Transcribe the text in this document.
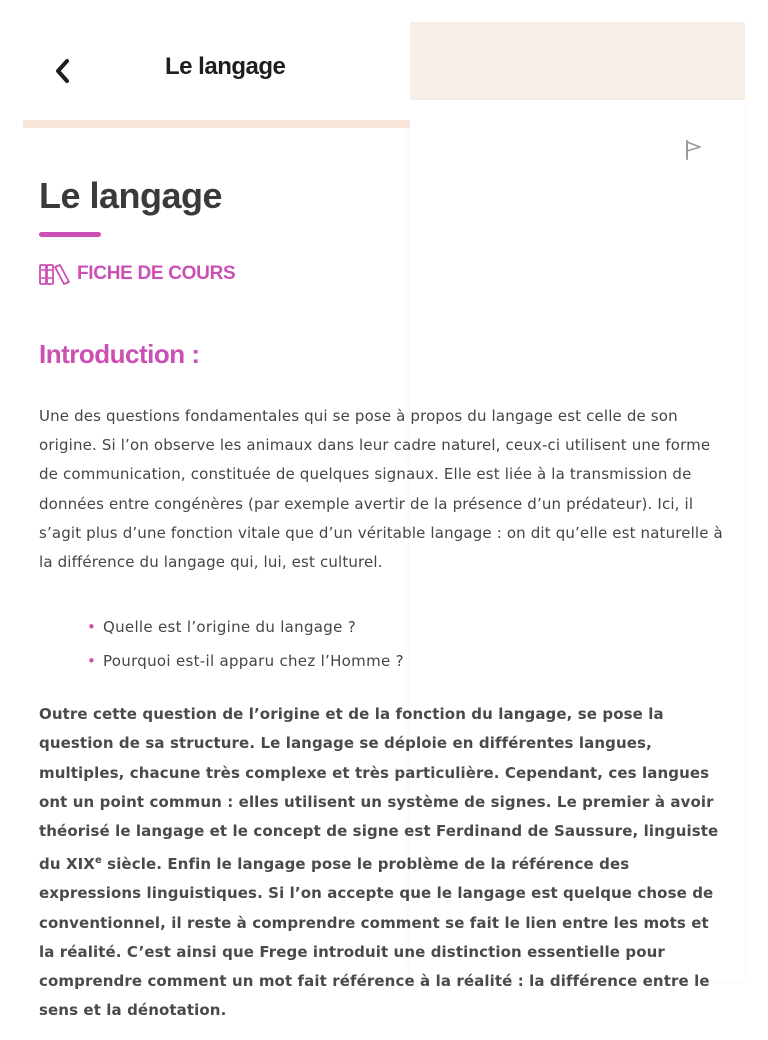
Le langage
Le langage
FICHE DE COURS
Introduction :

Une des questions fondamentales qui se pose à propos du langage est celle de son origine. Si l’on observe les animaux dans leur cadre naturel, ceux-ci utilisent une forme de communication, constituée de quelques signaux. Elle est liée à la transmission de données entre congénères (par exemple avertir de la présence d’un prédateur). Ici, il s’agit plus d’une fonction vitale que d’un véritable langage : on dit qu’elle est naturelle à la différence du langage qui, lui, est culturel.

• Quelle est l’origine du langage ?
• Pourquoi est-il apparu chez l’Homme ?

Outre cette question de l’origine et de la fonction du langage, se pose la question de sa structure. Le langage se déploie en différentes langues, multiples, chacune très complexe et très particulière. Cependant, ces langues ont un point commun : elles utilisent un système de signes. Le premier à avoir théorisé le langage et le concept de signe est Ferdinand de Saussure, linguiste du XIXe siècle. Enfin le langage pose le problème de la référence des expressions linguistiques. Si l’on accepte que le langage est quelque chose de conventionnel, il reste à comprendre comment se fait le lien entre les mots et la réalité. C’est ainsi que Frege introduit une distinction essentielle pour comprendre comment un mot fait référence à la réalité : la différence entre le sens et la dénotation.
